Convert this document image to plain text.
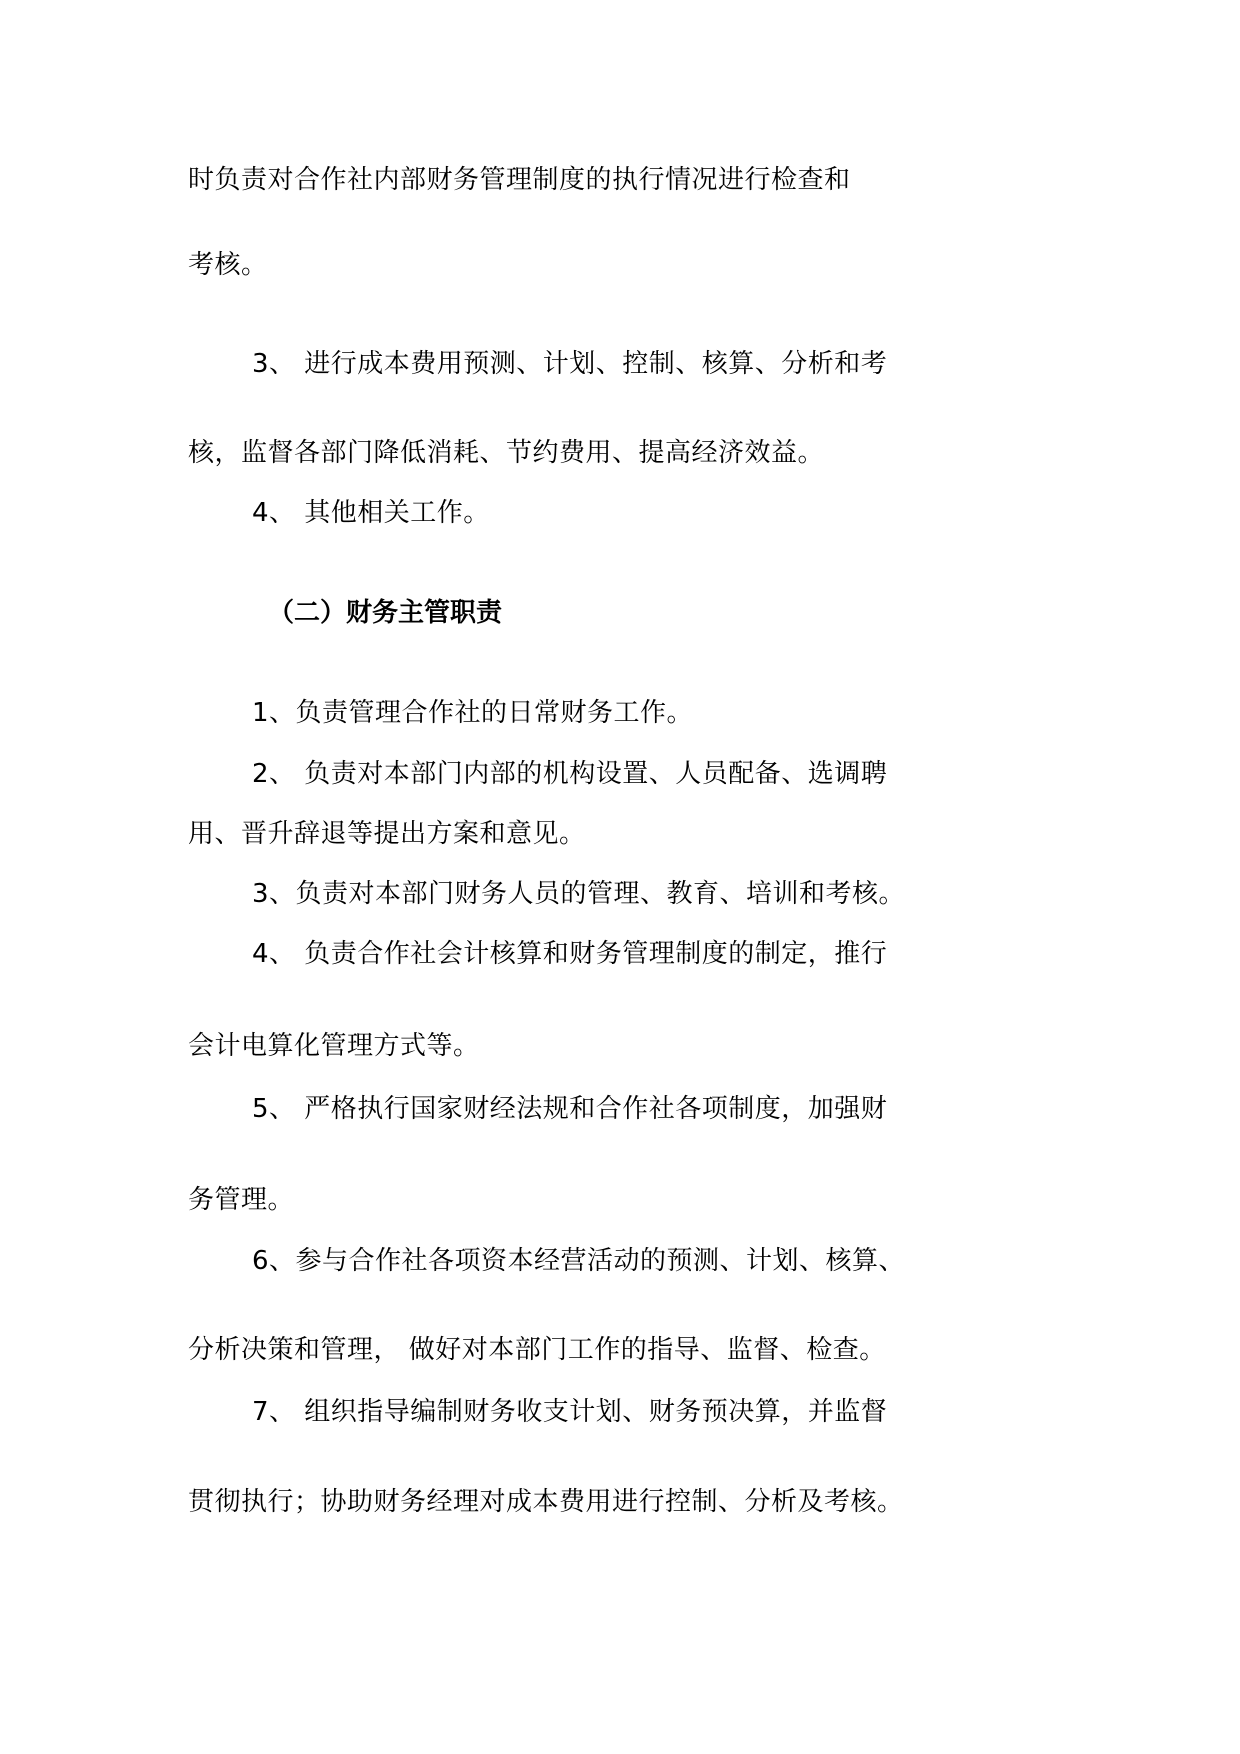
时负责对合作社内部财务管理制度的执行情况进行检查和
考核。
3、 进行成本费用预测、计划、控制、核算、分析和考
核，监督各部门降低消耗、节约费用、提高经济效益。
4、 其他相关工作。
（二）财务主管职责
1、负责管理合作社的日常财务工作。
2、 负责对本部门内部的机构设置、人员配备、选调聘
用、晋升辞退等提出方案和意见。
3、负责对本部门财务人员的管理、教育、培训和考核。
4、 负责合作社会计核算和财务管理制度的制定，推行
会计电算化管理方式等。
5、 严格执行国家财经法规和合作社各项制度，加强财
务管理。
6、参与合作社各项资本经营活动的预测、计划、核算、
分析决策和管理， 做好对本部门工作的指导、监督、检查。
7、 组织指导编制财务收支计划、财务预决算，并监督
贯彻执行；协助财务经理对成本费用进行控制、分析及考核。
